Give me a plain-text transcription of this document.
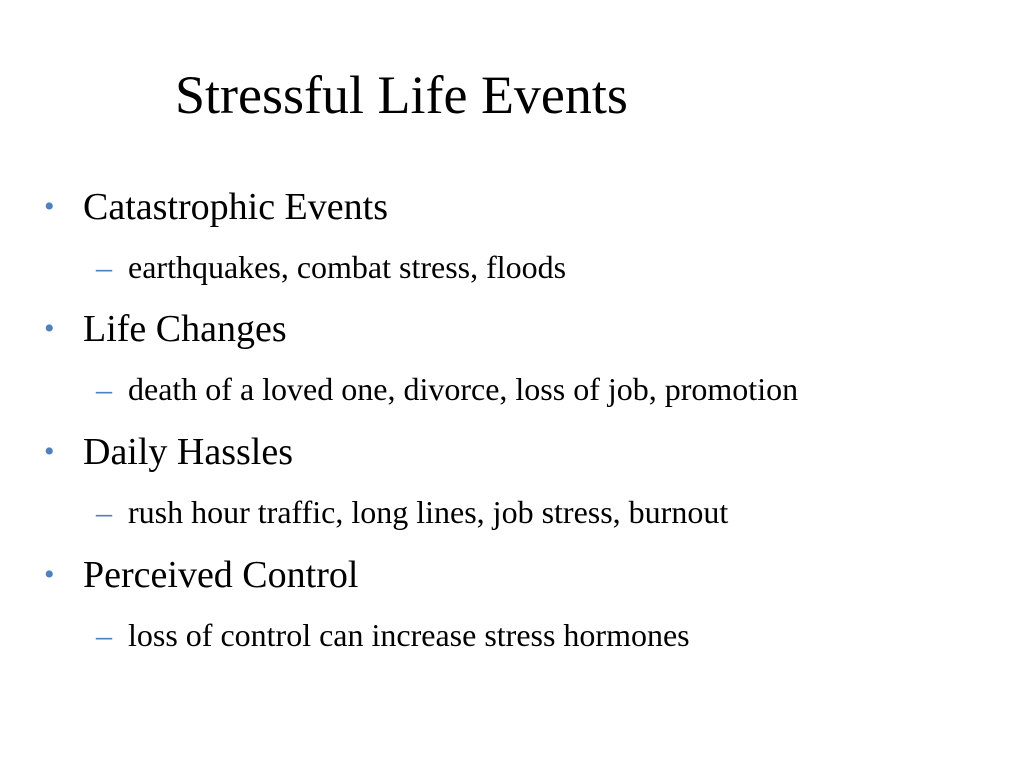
Stressful Life Events
• Catastrophic Events
– earthquakes, combat stress, floods
• Life Changes
– death of a loved one, divorce, loss of job, promotion
• Daily Hassles
– rush hour traffic, long lines, job stress, burnout
• Perceived Control
– loss of control can increase stress hormones
